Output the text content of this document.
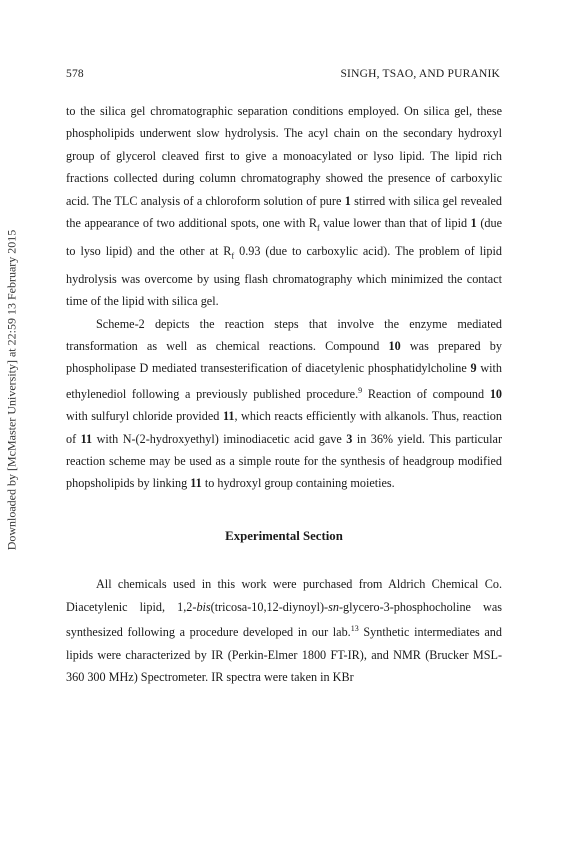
578	SINGH, TSAO, AND PURANIK
Downloaded by [McMaster University] at 22:59 13 February 2015

to the silica gel chromatographic separation conditions employed. On silica gel, these phospholipids underwent slow hydrolysis. The acyl chain on the secondary hydroxyl group of glycerol cleaved first to give a monoacylated or lyso lipid. The lipid rich fractions collected during column chromatography showed the presence of carboxylic acid. The TLC analysis of a chloroform solution of pure 1 stirred with silica gel revealed the appearance of two additional spots, one with $R_f$ value lower than that of lipid 1 (due to lyso lipid) and the other at $R_f$ 0.93 (due to carboxylic acid). The problem of lipid hydrolysis was overcome by using flash chromatography which minimized the contact time of the lipid with silica gel.

Scheme-2 depicts the reaction steps that involve the enzyme mediated transformation as well as chemical reactions. Compound 10 was prepared by phospholipase D mediated transesterification of diacetylenic phosphatidylcholine 9 with ethylenediol following a previously published procedure.$^9$ Reaction of compound 10 with sulfuryl chloride provided 11, which reacts efficiently with alkanols. Thus, reaction of 11 with N-(2-hydroxyethyl) iminodiacetic acid gave 3 in 36% yield. This particular reaction scheme may be used as a simple route for the synthesis of headgroup modified phopsholipids by linking 11 to hydroxyl group containing moieties.

Experimental Section

All chemicals used in this work were purchased from Aldrich Chemical Co. Diacetylenic lipid, 1,2-bis(tricosa-10,12-diynoyl)-sn-glycero-3-phosphocholine was synthesized following a procedure developed in our lab.$^{13}$ Synthetic intermediates and lipids were characterized by IR (Perkin-Elmer 1800 FT-IR), and NMR (Brucker MSL-360 300 MHz) Spectrometer. IR spectra were taken in KBr
